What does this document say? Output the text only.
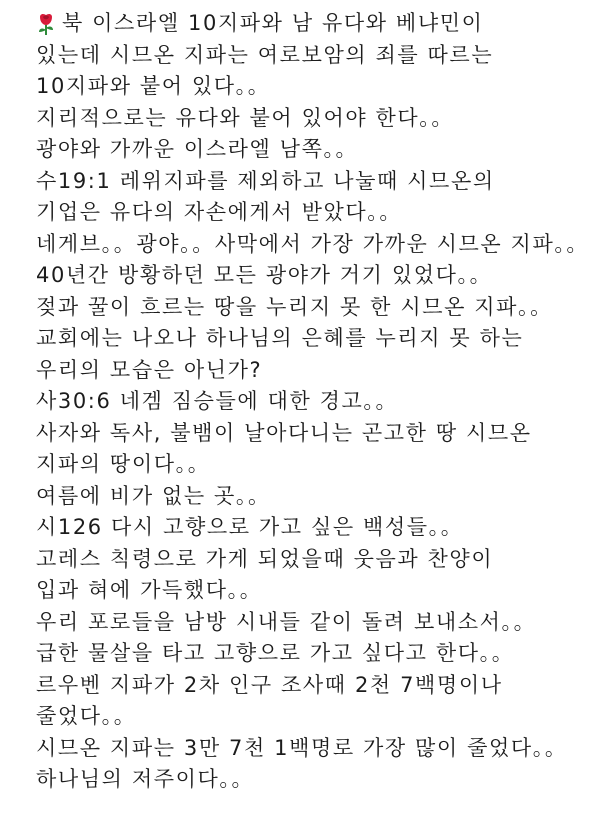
북 이스라엘 10지파와 남 유다와 베냐민이
있는데 시므온 지파는 여로보암의 죄를 따르는
10지파와 붙어 있다。。
지리적으로는 유다와 붙어 있어야 한다。。
광야와 가까운 이스라엘 남쪽。。
수19:1 레위지파를 제외하고 나눌때 시므온의
기업은 유다의 자손에게서 받았다。。
네게브。。광야。。사막에서 가장 가까운 시므온 지파。。
40년간 방황하던 모든 광야가 거기 있었다。。
젖과 꿀이 흐르는 땅을 누리지 못 한 시므온 지파。。
교회에는 나오나 하나님의 은혜를 누리지 못 하는
우리의 모습은 아닌가?
사30:6 네겜 짐승들에 대한 경고。。
사자와 독사, 불뱀이 날아다니는 곤고한 땅 시므온
지파의 땅이다。。
여름에 비가 없는 곳。。
시126 다시 고향으로 가고 싶은 백성들。。
고레스 칙령으로 가게 되었을때 웃음과 찬양이
입과 혀에 가득했다。。
우리 포로들을 남방 시내들 같이 돌려 보내소서。。
급한 물살을 타고 고향으로 가고 싶다고 한다。。
르우벤 지파가 2차 인구 조사때 2천 7백명이나
줄었다。。
시므온 지파는 3만 7천 1백명로 가장 많이 줄었다。。
하나님의 저주이다。。
